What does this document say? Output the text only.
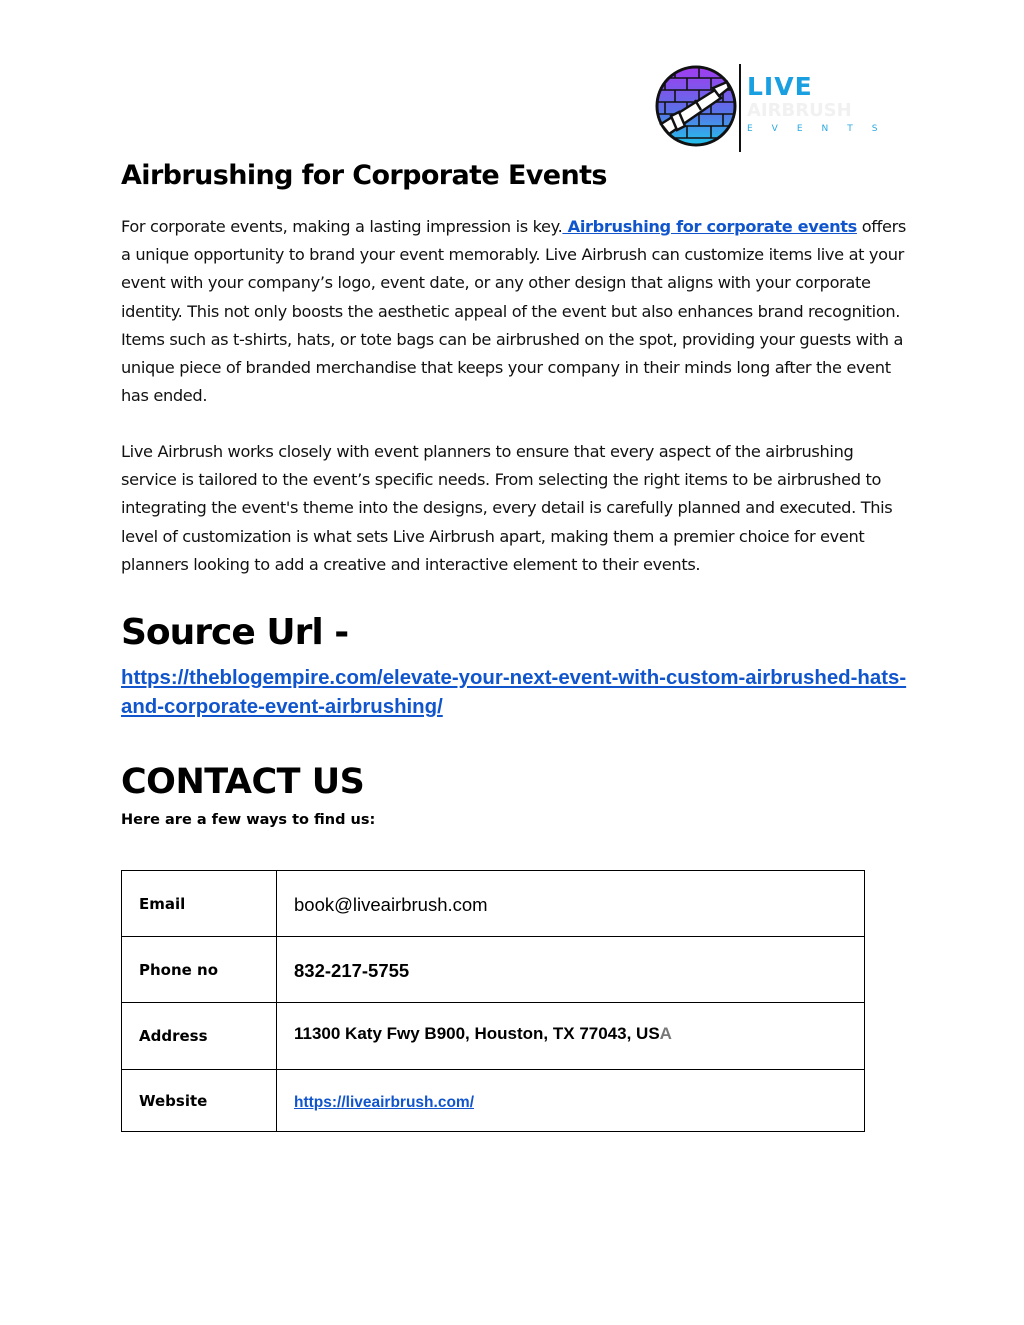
LIVE
AIRBRUSH
EVENTS
Airbrushing for Corporate Events

For corporate events, making a lasting impression is key. Airbrushing for corporate events offers a unique opportunity to brand your event memorably. Live Airbrush can customize items live at your event with your company’s logo, event date, or any other design that aligns with your corporate identity. This not only boosts the aesthetic appeal of the event but also enhances brand recognition. Items such as t-shirts, hats, or tote bags can be airbrushed on the spot, providing your guests with a unique piece of branded merchandise that keeps your company in their minds long after the event has ended.

Live Airbrush works closely with event planners to ensure that every aspect of the airbrushing service is tailored to the event’s specific needs. From selecting the right items to be airbrushed to integrating the event's theme into the designs, every detail is carefully planned and executed. This level of customization is what sets Live Airbrush apart, making them a premier choice for event planners looking to add a creative and interactive element to their events.

Source Url -
https://theblogempire.com/elevate-your-next-event-with-custom-airbrushed-hats-and-corporate-event-airbrushing/
CONTACT US
Here are a few ways to find us:
Email	book@liveairbrush.com
Phone no	832-217-5755
Address	11300 Katy Fwy B900, Houston, TX 77043, USA
Website	https://liveairbrush.com/
